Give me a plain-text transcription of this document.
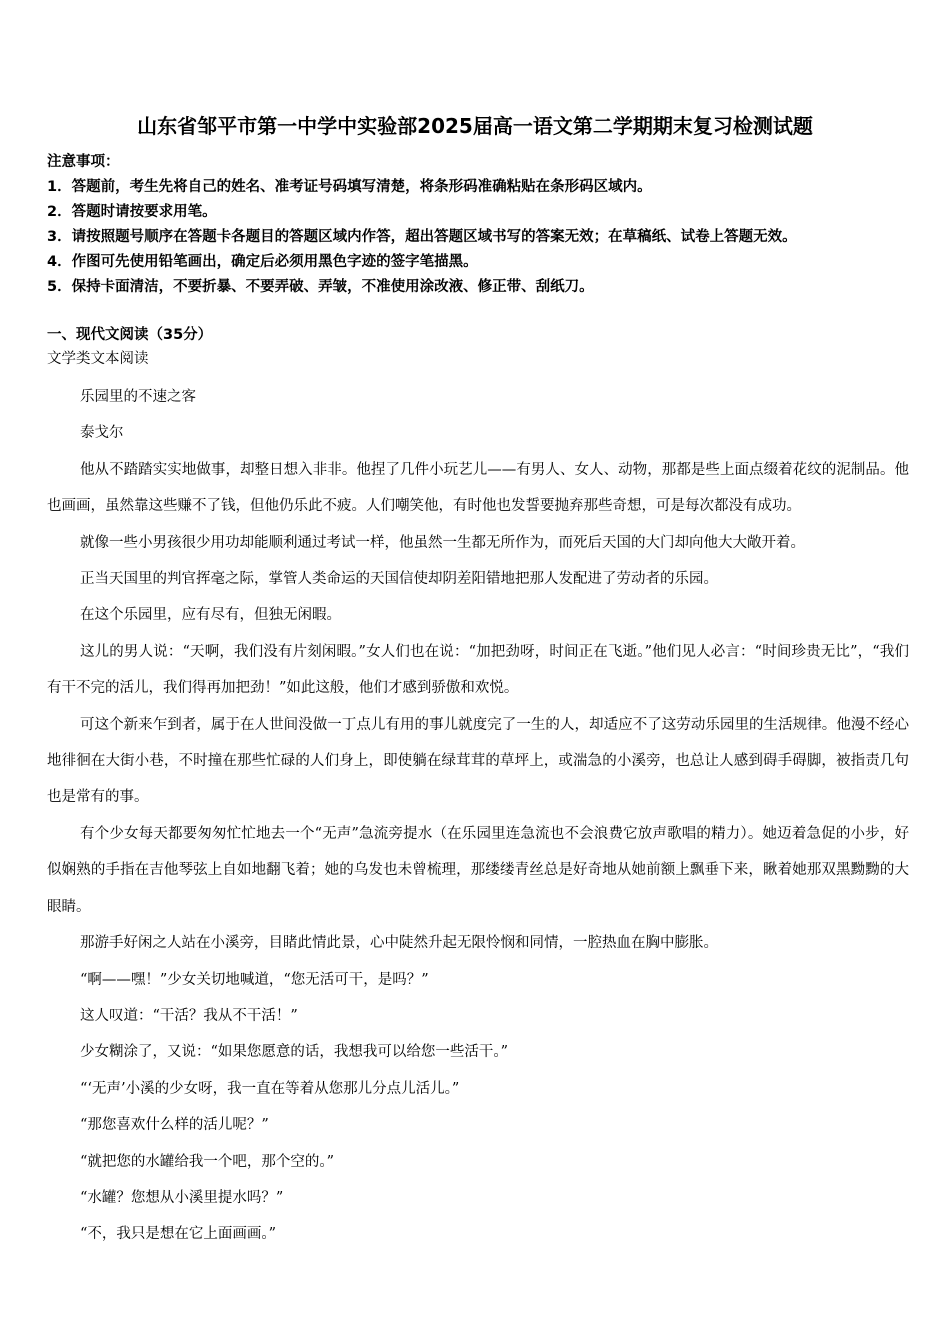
山东省邹平市第一中学中实验部2025届高一语文第二学期期末复习检测试题
注意事项：
1．答题前，考生先将自己的姓名、准考证号码填写清楚，将条形码准确粘贴在条形码区域内。
2．答题时请按要求用笔。
3．请按照题号顺序在答题卡各题目的答题区域内作答，超出答题区域书写的答案无效；在草稿纸、试卷上答题无效。
4．作图可先使用铅笔画出，确定后必须用黑色字迹的签字笔描黑。
5．保持卡面清洁，不要折暴、不要弄破、弄皱，不准使用涂改液、修正带、刮纸刀。
一、现代文阅读（35分）
文学类文本阅读

乐园里的不速之客

泰戈尔

他从不踏踏实实地做事，却整日想入非非。他捏了几件小玩艺儿——有男人、女人、动物，那都是些上面点缀着花纹的泥制品。他也画画，虽然靠这些赚不了钱，但他仍乐此不疲。人们嘲笑他，有时他也发誓要抛弃那些奇想，可是每次都没有成功。

就像一些小男孩很少用功却能顺利通过考试一样，他虽然一生都无所作为，而死后天国的大门却向他大大敞开着。

正当天国里的判官挥毫之际，掌管人类命运的天国信使却阴差阳错地把那人发配进了劳动者的乐园。

在这个乐园里，应有尽有，但独无闲暇。

这儿的男人说：“天啊，我们没有片刻闲暇。”女人们也在说：“加把劲呀，时间正在飞逝。”他们见人必言：“时间珍贵无比”，“我们有干不完的活儿，我们得再加把劲！”如此这般，他们才感到骄傲和欢悦。

可这个新来乍到者，属于在人世间没做一丁点儿有用的事儿就度完了一生的人，却适应不了这劳动乐园里的生活规律。他漫不经心地徘徊在大街小巷，不时撞在那些忙碌的人们身上，即使躺在绿茸茸的草坪上，或湍急的小溪旁，也总让人感到碍手碍脚，被指责几句也是常有的事。

有个少女每天都要匆匆忙忙地去一个“无声”急流旁提水（在乐园里连急流也不会浪费它放声歌唱的精力）。她迈着急促的小步，好似娴熟的手指在吉他琴弦上自如地翻飞着；她的乌发也未曾梳理，那缕缕青丝总是好奇地从她前额上飘垂下来，瞅着她那双黑黝黝的大眼睛。

那游手好闲之人站在小溪旁，目睹此情此景，心中陡然升起无限怜悯和同情，一腔热血在胸中膨胀。

“啊——嘿！”少女关切地喊道，“您无活可干，是吗？”

这人叹道：“干活？我从不干活！”

少女糊涂了，又说：“如果您愿意的话，我想我可以给您一些活干。”

“‘无声’小溪的少女呀，我一直在等着从您那儿分点儿活儿。”

“那您喜欢什么样的活儿呢？”

“就把您的水罐给我一个吧，那个空的。”

“水罐？您想从小溪里提水吗？”

“不，我只是想在它上面画画。”
